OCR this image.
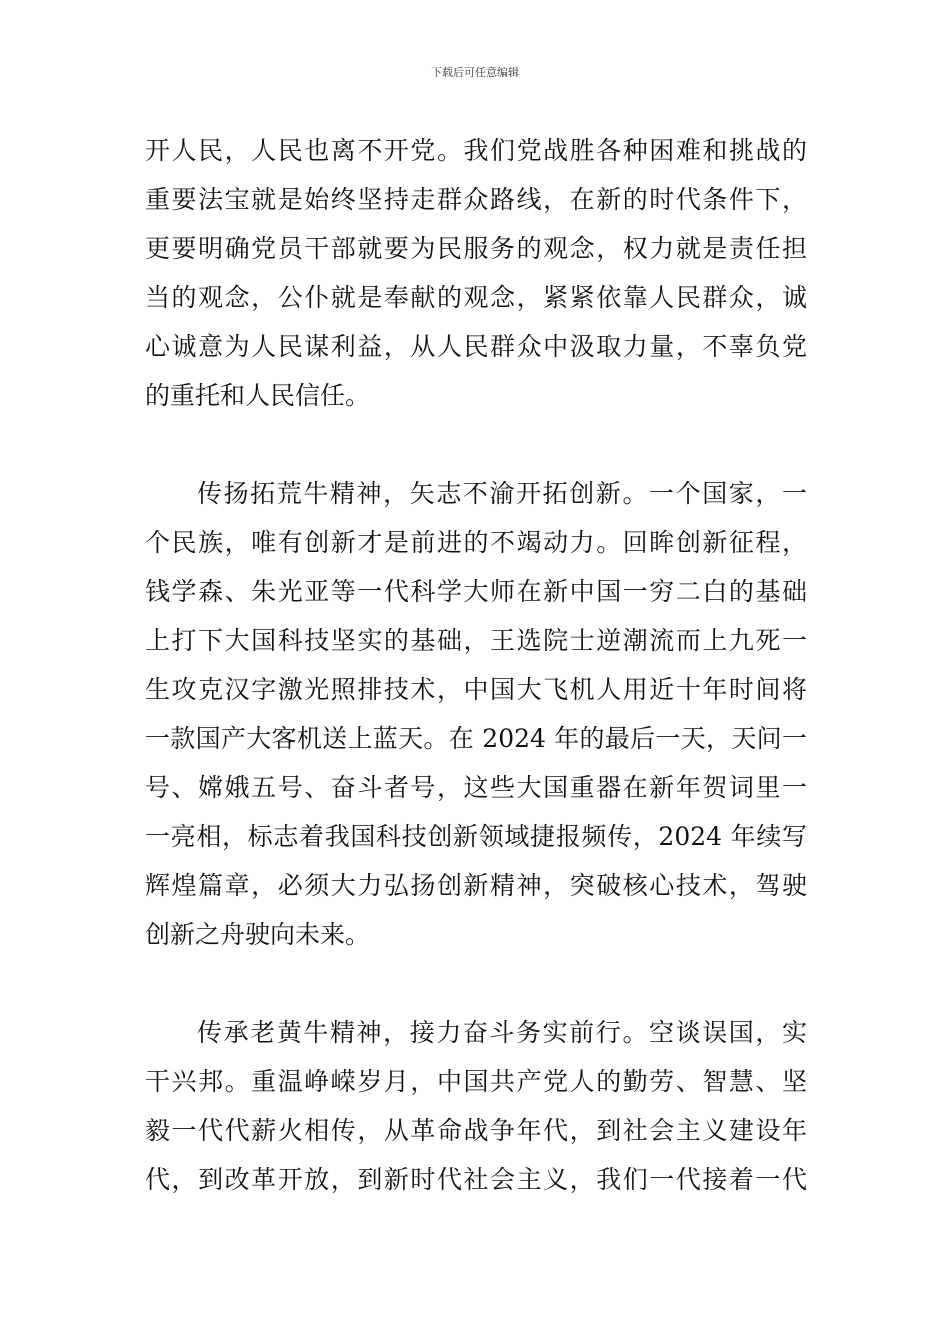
下载后可任意编辑
开人民，人民也离不开党。我们党战胜各种困难和挑战的
重要法宝就是始终坚持走群众路线，在新的时代条件下，
更要明确党员干部就要为民服务的观念，权力就是责任担
当的观念，公仆就是奉献的观念，紧紧依靠人民群众，诚
心诚意为人民谋利益，从人民群众中汲取力量，不辜负党
的重托和人民信任。
传扬拓荒牛精神，矢志不渝开拓创新。一个国家，一
个民族，唯有创新才是前进的不竭动力。回眸创新征程，
钱学森、朱光亚等一代科学大师在新中国一穷二白的基础
上打下大国科技坚实的基础，王选院士逆潮流而上九死一
生攻克汉字激光照排技术，中国大飞机人用近十年时间将
一款国产大客机送上蓝天。在 2024 年的最后一天，天问一
号、嫦娥五号、奋斗者号，这些大国重器在新年贺词里一
一亮相，标志着我国科技创新领域捷报频传，2024 年续写
辉煌篇章，必须大力弘扬创新精神，突破核心技术，驾驶
创新之舟驶向未来。
传承老黄牛精神，接力奋斗务实前行。空谈误国，实
干兴邦。重温峥嵘岁月，中国共产党人的勤劳、智慧、坚
毅一代代薪火相传，从革命战争年代，到社会主义建设年
代，到改革开放，到新时代社会主义，我们一代接着一代
